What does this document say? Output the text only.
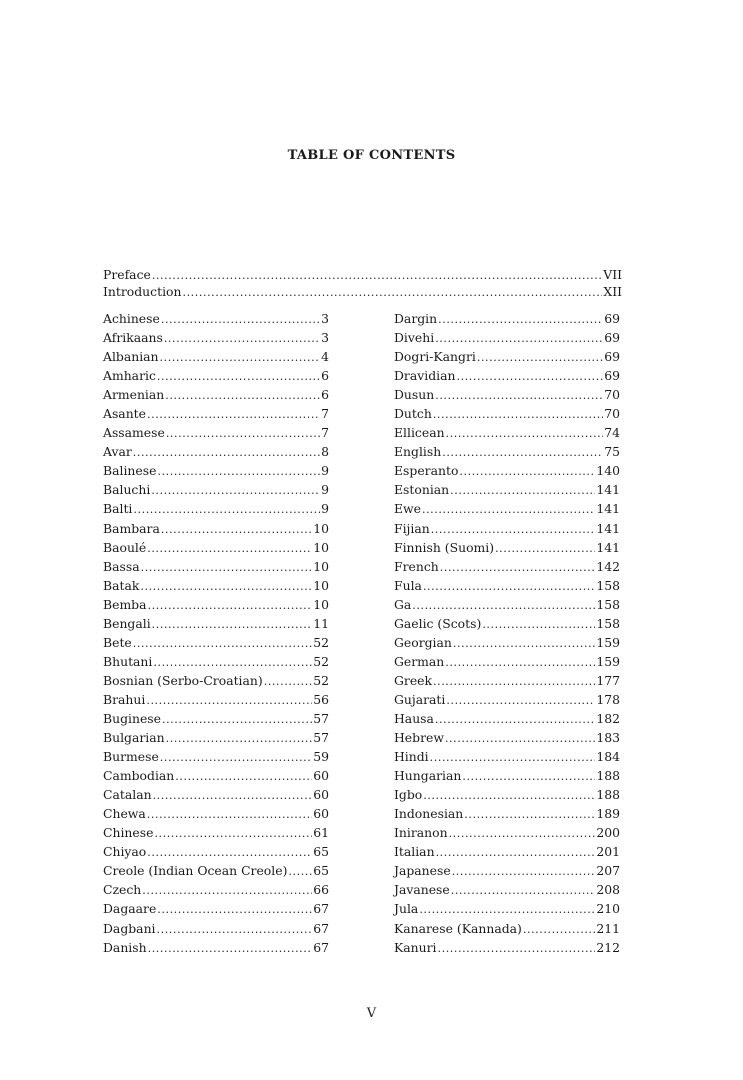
TABLE OF CONTENTS
Preface .....	VII
Introduction .....	XII
Achinese .....	3
Afrikaans .....	3
Albanian .....	4
Amharic .....	6
Armenian .....	6
Asante .....	7
Assamese .....	7
Avar .....	8
Balinese .....	9
Baluchi .....	9
Balti .....	9
Bambara .....	10
Baoulé .....	10
Bassa .....	10
Batak .....	10
Bemba .....	10
Bengali .....	11
Bete .....	52
Bhutani .....	52
Bosnian (Serbo-Croatian) .....	52
Brahui .....	56
Buginese .....	57
Bulgarian .....	57
Burmese .....	59
Cambodian .....	60
Catalan .....	60
Chewa .....	60
Chinese .....	61
Chiyao .....	65
Creole (Indian Ocean Creole) ..... 65
Czech .....	66
Dagaare .....	67
Dagbani .....	67
Danish .....	67
Dargin .....	69
Divehi .....	69
Dogri-Kangri .....	69
Dravidian .....	69
Dusun .....	70
Dutch .....	70
Ellicean .....	74
English .....	75
Esperanto .....	140
Estonian .....	141
Ewe .....	141
Fijian .....	141
Finnish (Suomi) .....	141
French .....	142
Fula .....	158
Ga .....	158
Gaelic (Scots) .....	158
Georgian .....	159
German .....	159
Greek .....	177
Gujarati .....	178
Hausa .....	182
Hebrew .....	183
Hindi .....	184
Hungarian .....	188
Igbo .....	188
Indonesian .....	189
Iniranon .....	200
Italian .....	201
Japanese .....	207
Javanese .....	208
Jula .....	210
Kanarese (Kannada) .....	211
Kanuri .....	212
V
